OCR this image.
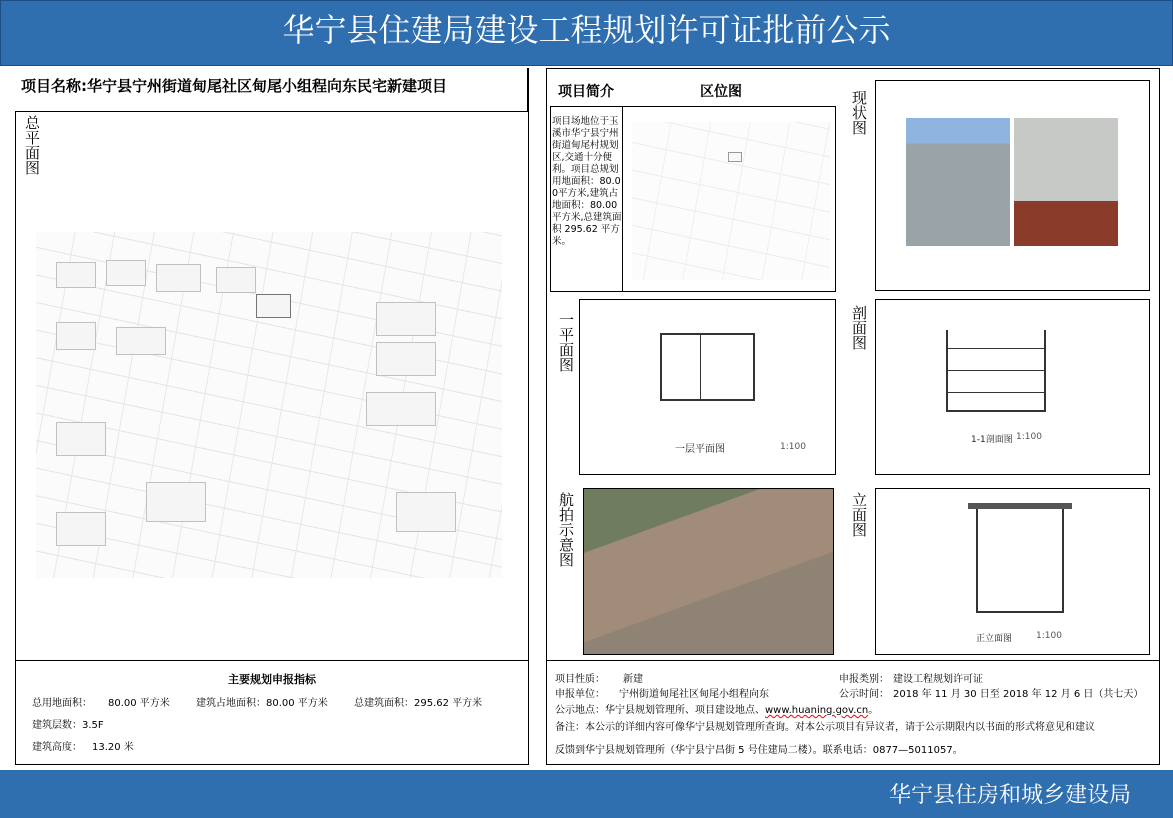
华宁县住建局建设工程规划许可证批前公示
项目名称:华宁县宁州街道甸尾社区甸尾小组程向东民宅新建项目
总平面图
主要规划申报指标
总用地面积： 80.00 平方米	建筑占地面积：80.00 平方米	总建筑面积：295.62 平方米
建筑层数：3.5F
建筑高度： 13.20 米
项目简介	区位图
项目场地位于玉溪市华宁县宁州街道甸尾村规划区,交通十分便利。项目总规划用地面积：80.00平方米,建筑占地面积：80.00平方米,总建筑面积 295.62 平方米。
现状图
一平面图
一层平面图	1:100
剖面图
1-1剖面图 1:100
航拍示意图	立面图
正立面图	1:100
项目性质： 新建	申报类别： 建设工程规划许可证
申报单位： 宁州街道甸尾社区甸尾小组程向东	公示时间： 2018 年 11 月 30 日至 2018 年 12 月 6 日（共七天）
公示地点：华宁县规划管理所、项目建设地点、www.huaning.gov.cn。
备注：本公示的详细内容可像华宁县规划管理所查询。对本公示项目有异议者，请于公示期限内以书面的形式将意见和建议
反馈到华宁县规划管理所（华宁县宁昌街 5 号住建局二楼）。联系电话：0877—5011057。
华宁县住房和城乡建设局
